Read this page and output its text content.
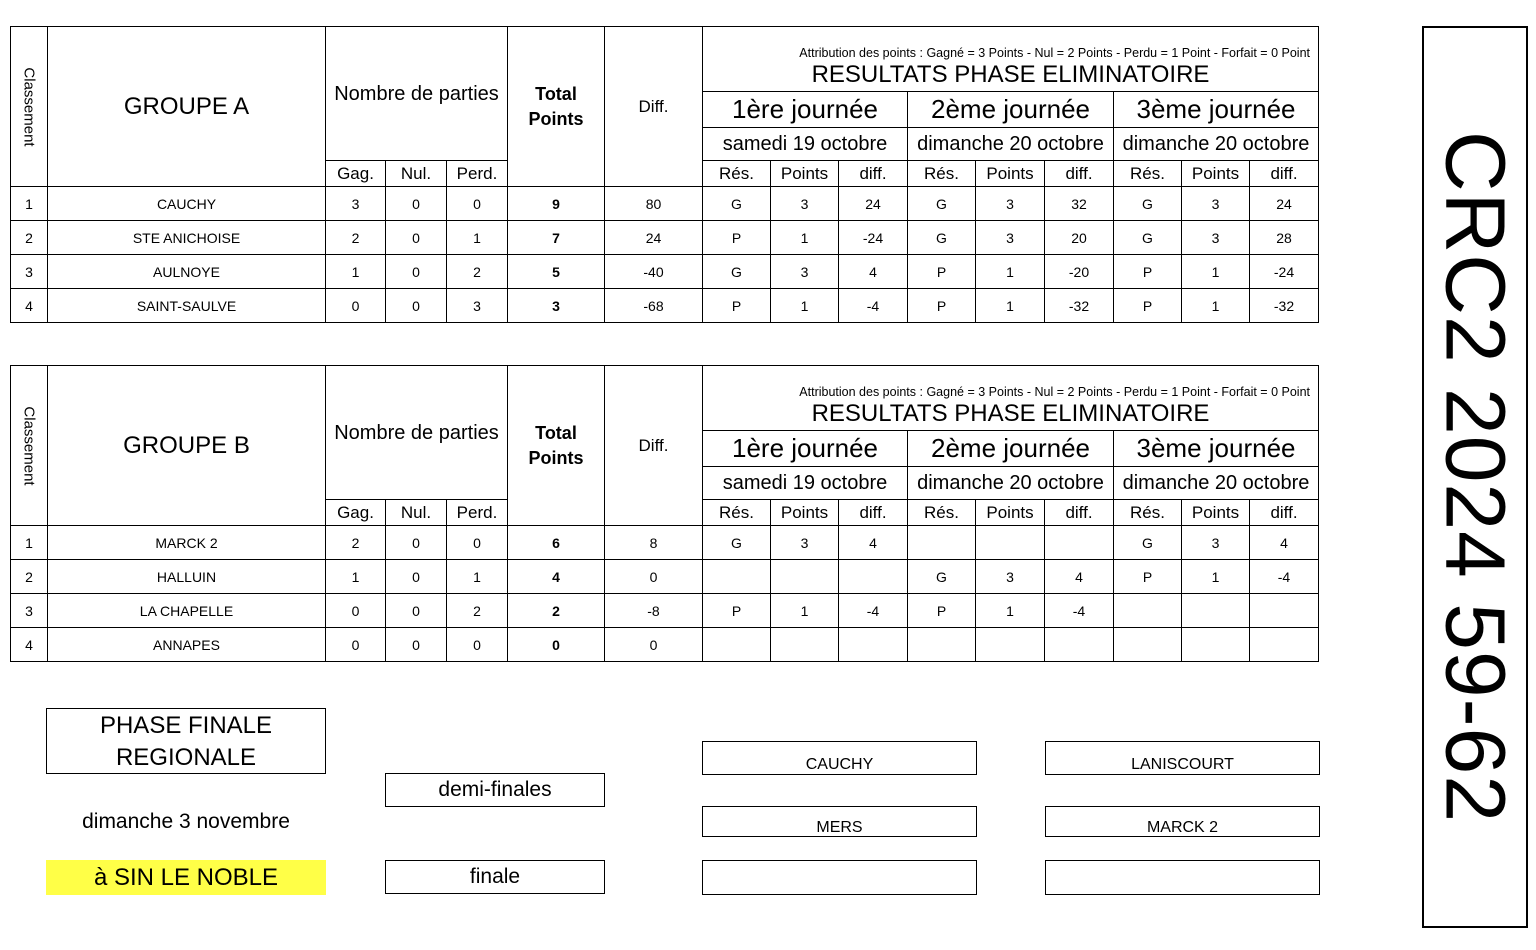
Classement	GROUPE A	Nombre de parties			Total Points	Diff.	Attribution des points : Gagné = 3 Points - Nul = 2 Points - Perdu = 1 Point - Forfait = 0 Point								
							RESULTATS PHASE ELIMINATOIRE								
							1ère journée			2ème journée			3ème journée		
							samedi 19 octobre			dimanche 20 octobre			dimanche 20 octobre		
		Gag.	Nul.	Perd.			Rés.	Points	diff.	Rés.	Points	diff.	Rés.	Points	diff.
1	CAUCHY	3	0	0	9	80	G	3	24	G	3	32	G	3	24
2	STE ANICHOISE	2	0	1	7	24	P	1	-24	G	3	20	G	3	28
3	AULNOYE	1	0	2	5	-40	G	3	4	P	1	-20	P	1	-24
4	SAINT-SAULVE	0	0	3	3	-68	P	1	-4	P	1	-32	P	1	-32
Classement	GROUPE B	Nombre de parties			Total Points	Diff.	Attribution des points : Gagné = 3 Points - Nul = 2 Points - Perdu = 1 Point - Forfait = 0 Point								
							RESULTATS PHASE ELIMINATOIRE								
							1ère journée			2ème journée			3ème journée		
							samedi 19 octobre			dimanche 20 octobre			dimanche 20 octobre		
		Gag.	Nul.	Perd.			Rés.	Points	diff.	Rés.	Points	diff.	Rés.	Points	diff.
1	MARCK 2	2	0	0	6	8	G	3	4				G	3	4
2	HALLUIN	1	0	1	4	0				G	3	4	P	1	-4
3	LA CHAPELLE	0	0	2	2	-8	P	1	-4	P	1	-4			
4	ANNAPES	0	0	0	0	0									
PHASE FINALE
REGIONALE
dimanche 3 novembre
à SIN LE NOBLE
demi-finales
finale
CAUCHY	LANISCOURT
MERS	MARCK 2
CRC2 2024 59-62
